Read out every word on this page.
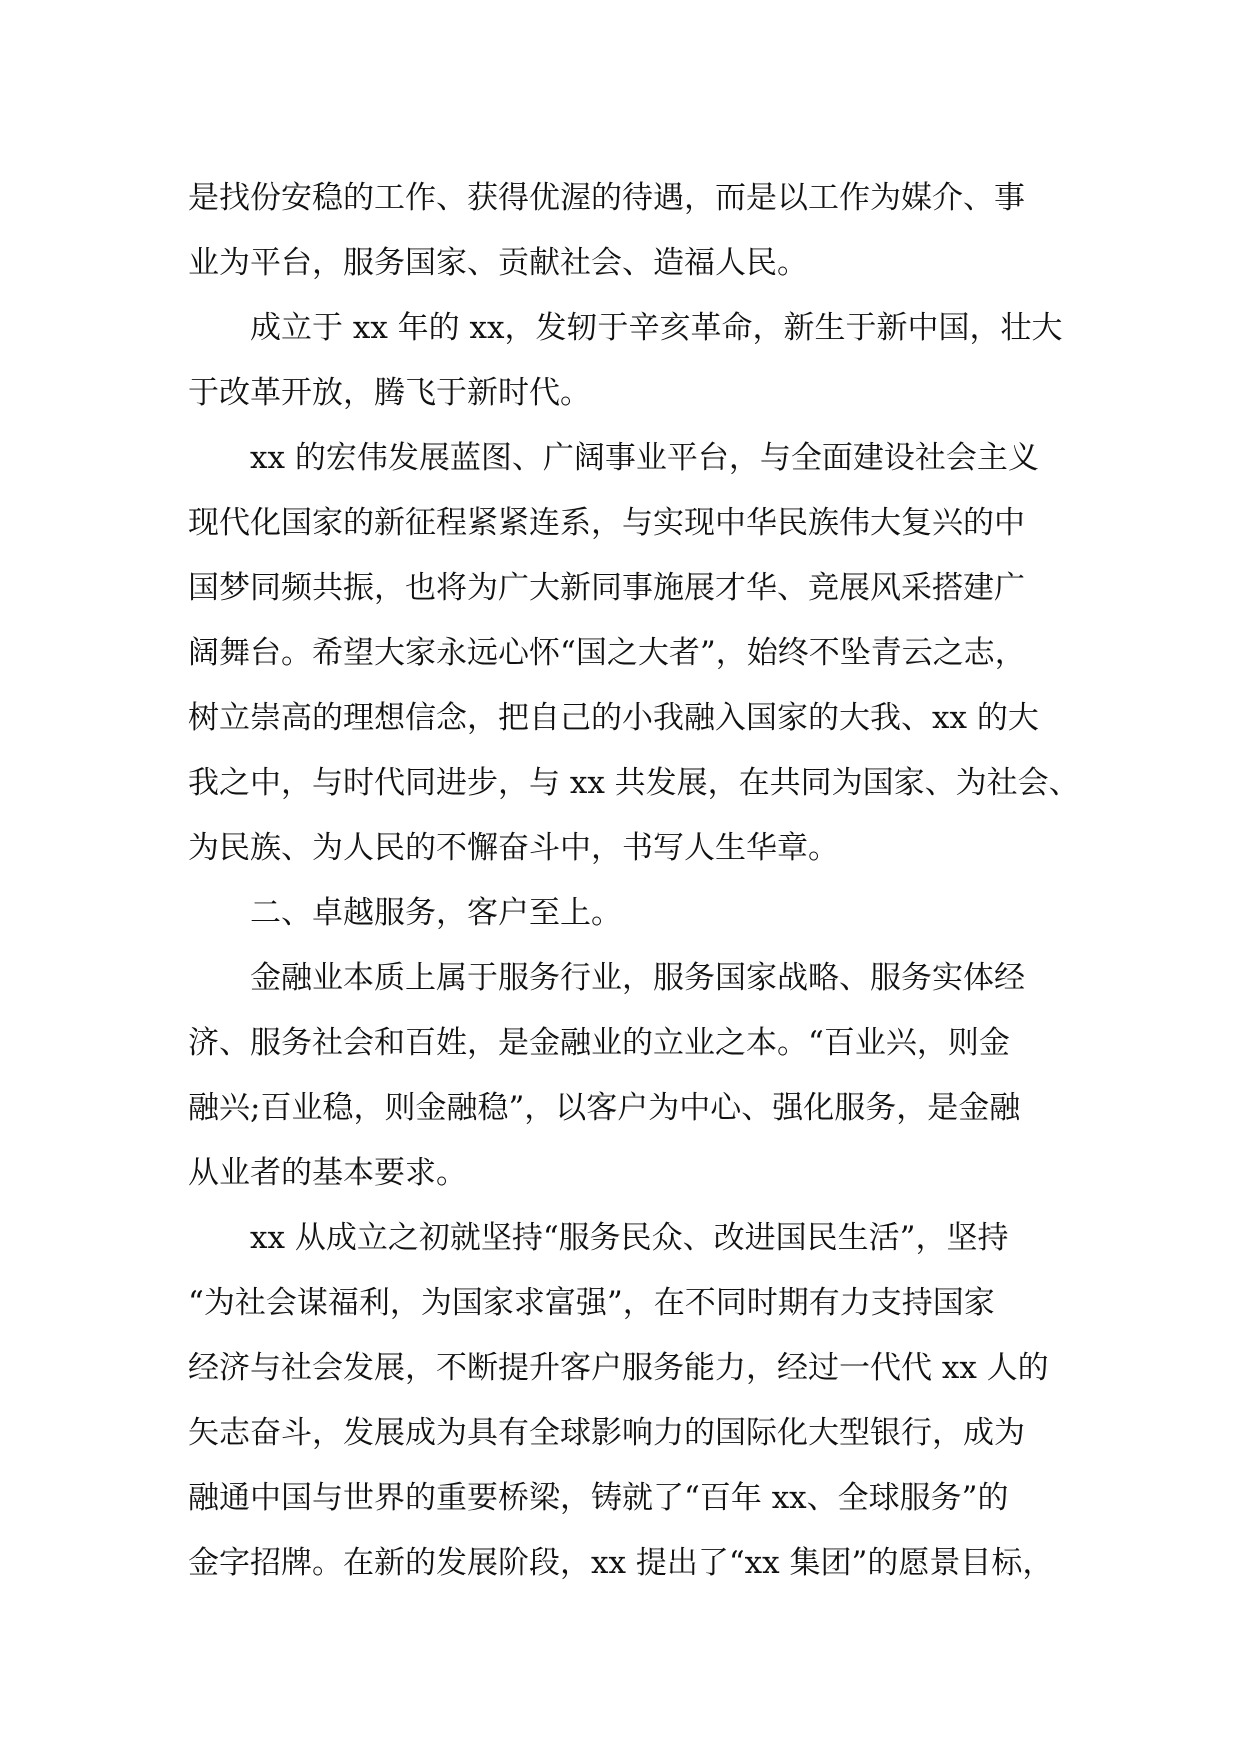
是找份安稳的工作、获得优渥的待遇，而是以工作为媒介、事
业为平台，服务国家、贡献社会、造福人民。
成立于 xx 年的 xx，发轫于辛亥革命，新生于新中国，壮大
于改革开放，腾飞于新时代。
xx 的宏伟发展蓝图、广阔事业平台，与全面建设社会主义
现代化国家的新征程紧紧连系，与实现中华民族伟大复兴的中
国梦同频共振，也将为广大新同事施展才华、竞展风采搭建广
阔舞台。希望大家永远心怀“国之大者”，始终不坠青云之志，
树立崇高的理想信念，把自己的小我融入国家的大我、xx 的大
我之中，与时代同进步，与 xx 共发展，在共同为国家、为社会、
为民族、为人民的不懈奋斗中，书写人生华章。
二、卓越服务，客户至上。
金融业本质上属于服务行业，服务国家战略、服务实体经
济、服务社会和百姓，是金融业的立业之本。“百业兴，则金
融兴;百业稳，则金融稳”，以客户为中心、强化服务，是金融
从业者的基本要求。
xx 从成立之初就坚持“服务民众、改进国民生活”，坚持
“为社会谋福利，为国家求富强”，在不同时期有力支持国家
经济与社会发展，不断提升客户服务能力，经过一代代 xx 人的
矢志奋斗，发展成为具有全球影响力的国际化大型银行，成为
融通中国与世界的重要桥梁，铸就了“百年 xx、全球服务”的
金字招牌。在新的发展阶段，xx 提出了“xx 集团”的愿景目标，
